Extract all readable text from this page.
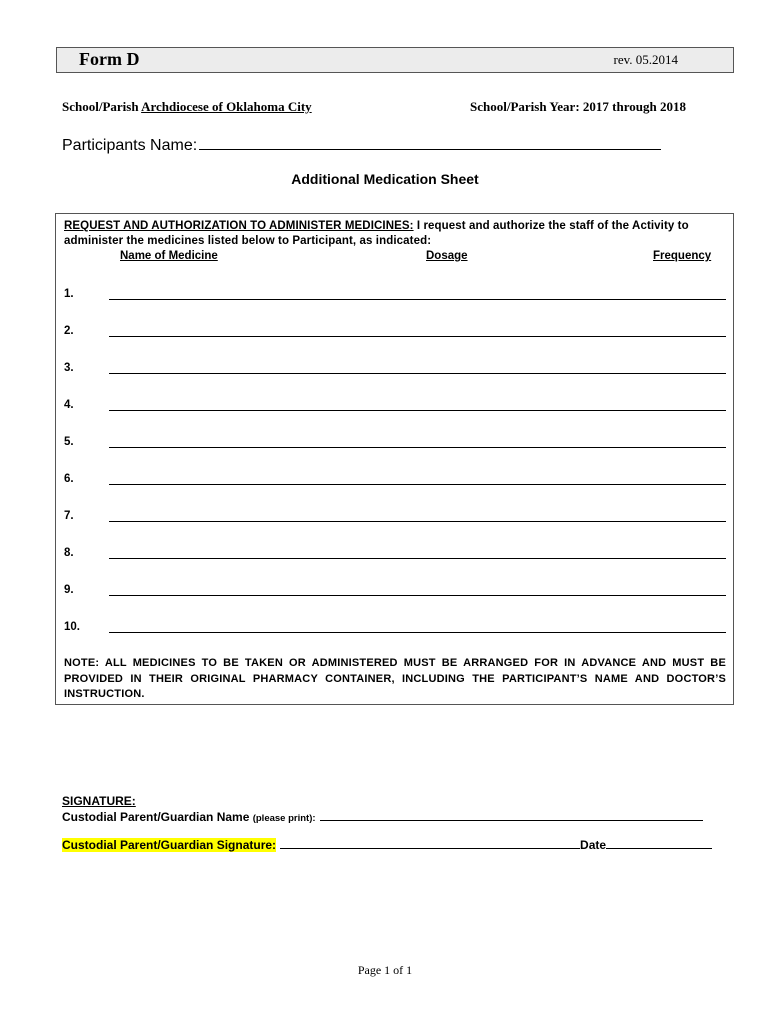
Form D	rev. 05.2014
School/Parish Archdiocese of Oklahoma City	School/Parish Year: 2017 through 2018
Participants Name:
Additional Medication Sheet
REQUEST AND AUTHORIZATION TO ADMINISTER MEDICINES: I request and authorize the staff of the Activity to administer the medicines listed below to Participant, as indicated:
Name of Medicine	Dosage	Frequency
1.
2.
3.
4.
5.
6.
7.
8.
9.
10.
NOTE: ALL MEDICINES TO BE TAKEN OR ADMINISTERED MUST BE ARRANGED FOR IN ADVANCE AND MUST BE PROVIDED IN THEIR ORIGINAL PHARMACY CONTAINER, INCLUDING THE PARTICIPANT’S NAME AND DOCTOR’S INSTRUCTION.
SIGNATURE:
Custodial Parent/Guardian Name (please print):
Custodial Parent/Guardian Signature:	Date
Page 1 of 1
